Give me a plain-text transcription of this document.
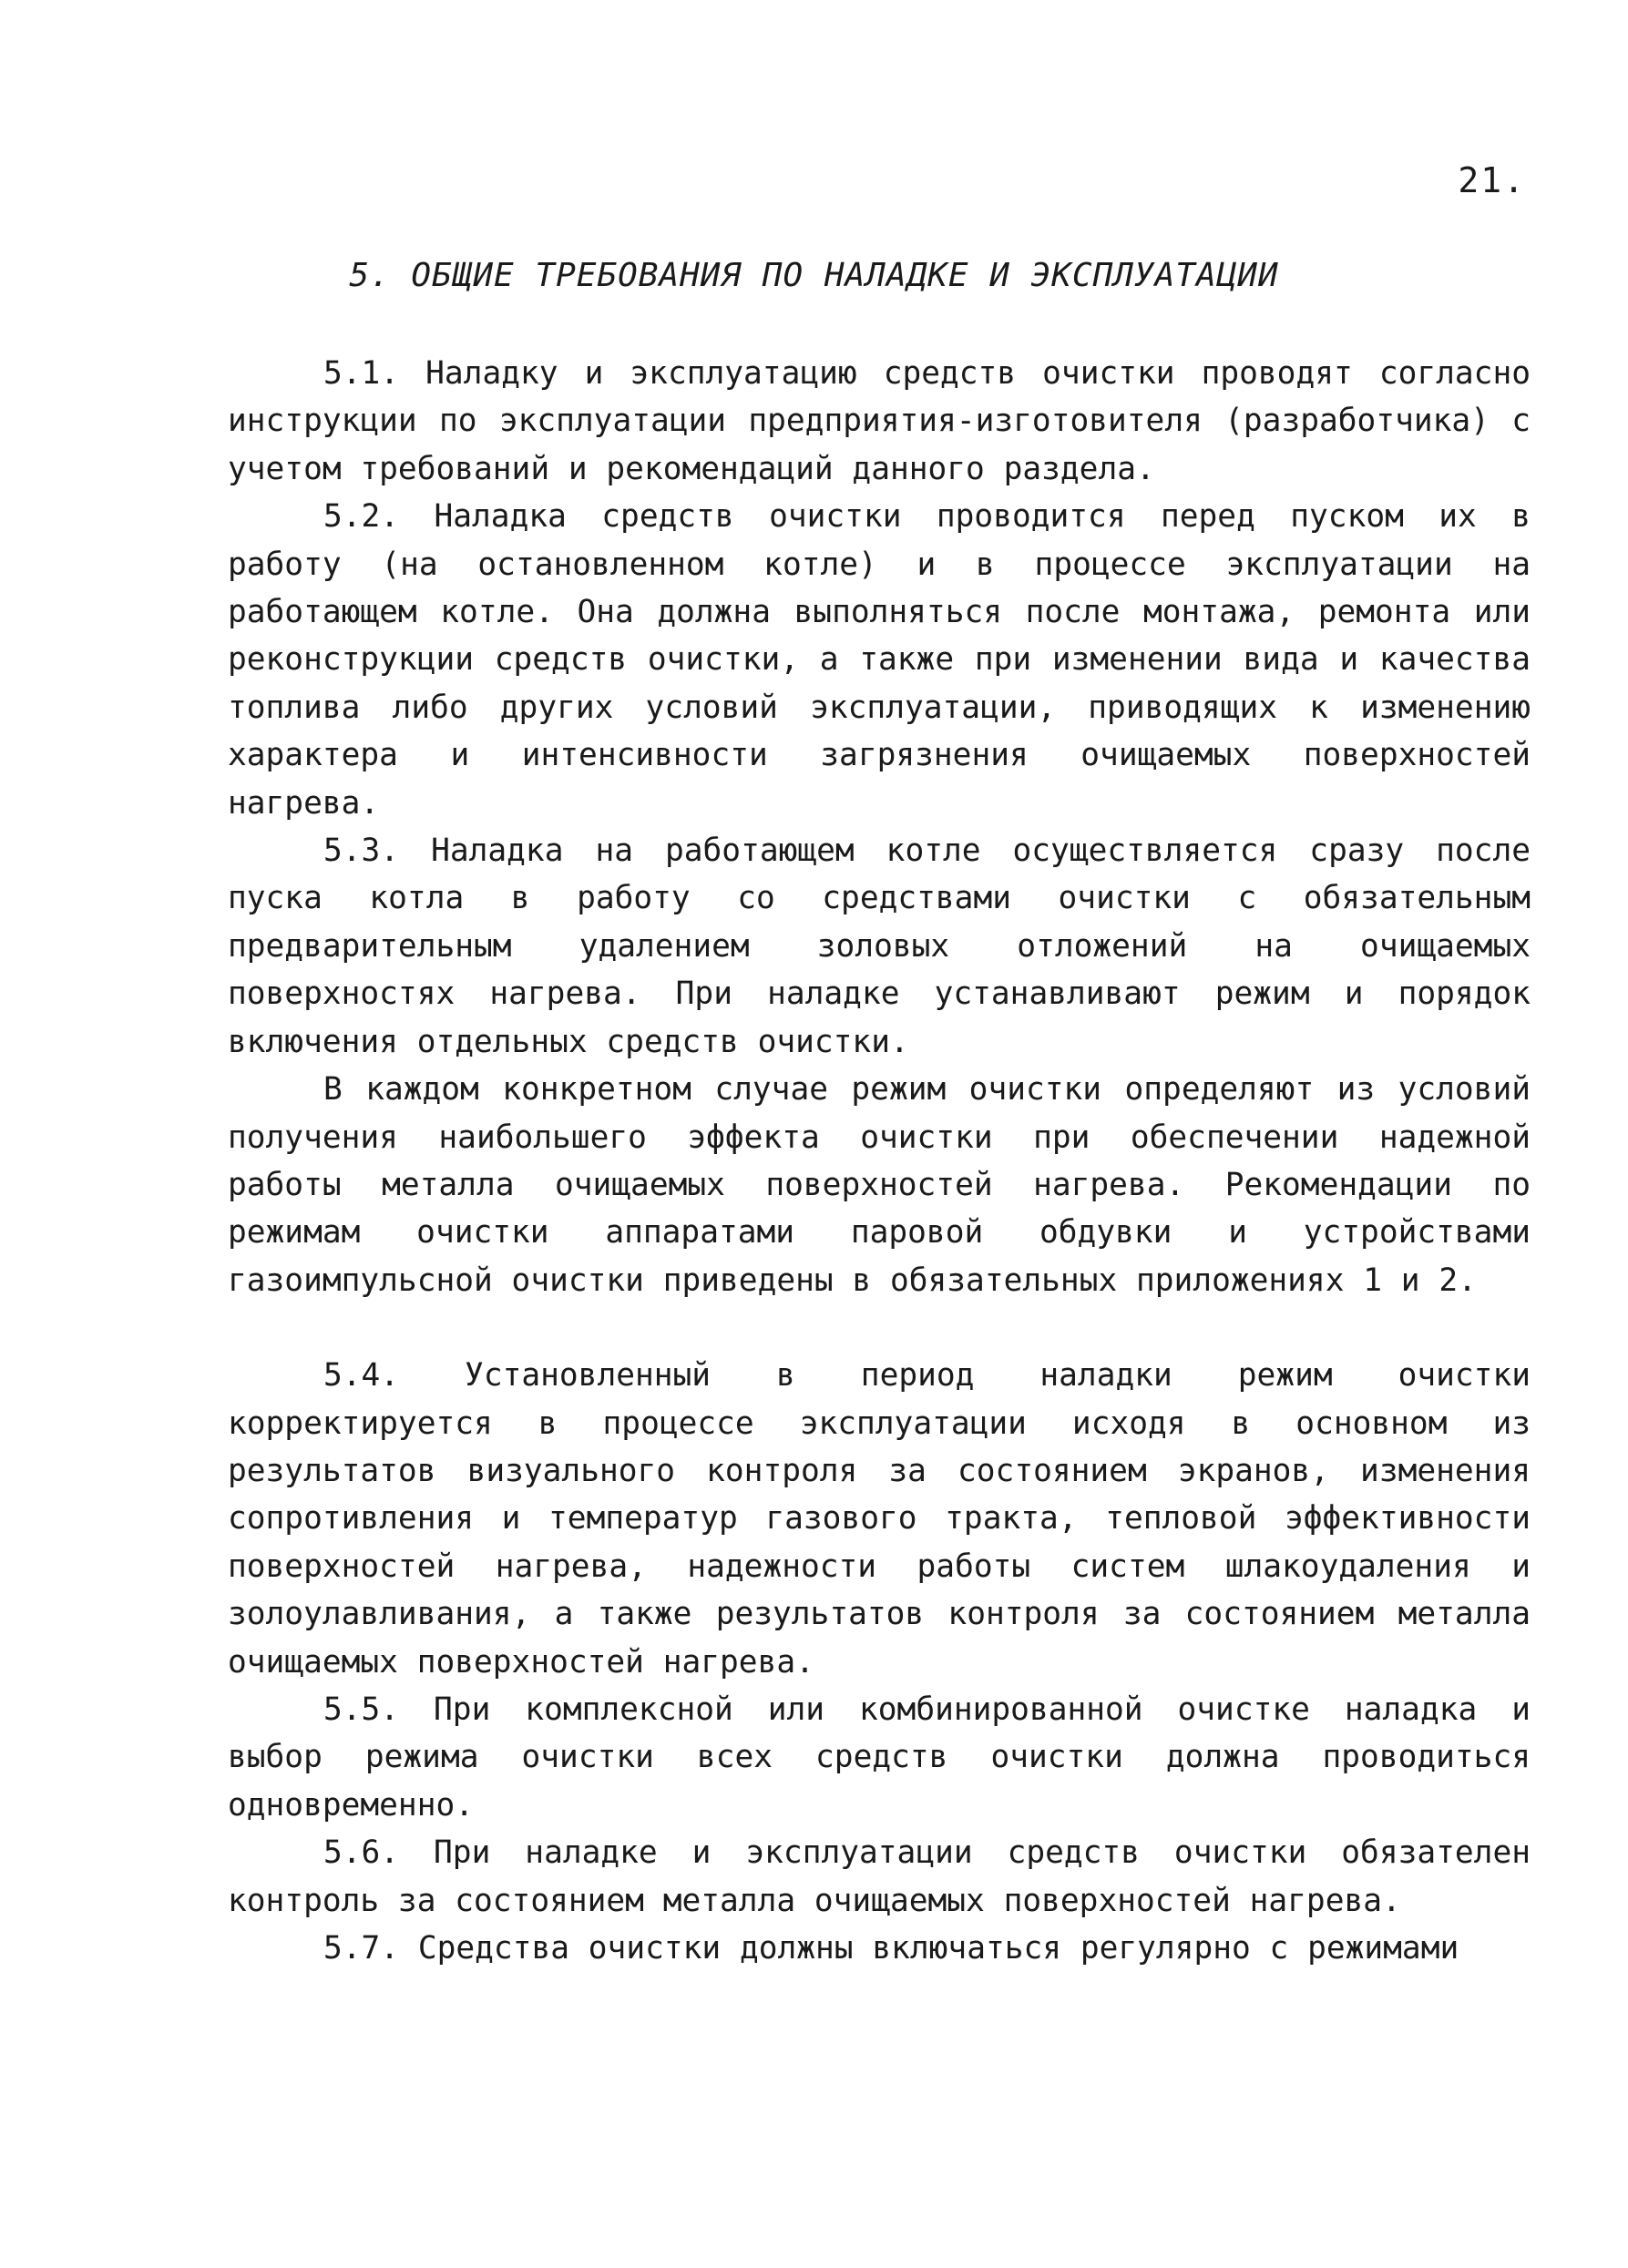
21.
5. ОБЩИЕ ТРЕБОВАНИЯ ПО НАЛАДКЕ И ЭКСПЛУАТАЦИИ

5.1. Наладку и эксплуатацию средств очистки проводят согласно инструкции по эксплуатации предприятия-изготовителя (разработчика) с учетом требований и рекомендаций данного раздела.

5.2. Наладка средств очистки проводится перед пуском их в работу (на остановленном котле) и в процессе эксплуатации на работающем котле. Она должна выполняться после монтажа, ремонта или реконструкции средств очистки, а также при изменении вида и качества топлива либо других условий эксплуатации, приводящих к изменению характера и интенсивности загрязнения очищаемых поверхностей нагрева.

5.3. Наладка на работающем котле осуществляется сразу после пуска котла в работу со средствами очистки с обязательным предварительным удалением золовых отложений на очищаемых поверхностях нагрева. При наладке устанавливают режим и порядок включения отдельных средств очистки.

В каждом конкретном случае режим очистки определяют из условий получения наибольшего эффекта очистки при обеспечении надежной работы металла очищаемых поверхностей нагрева. Рекомендации по режимам очистки аппаратами паровой обдувки и устройствами газоимпульсной очистки приведены в обязательных приложениях 1 и 2.

5.4. Установленный в период наладки режим очистки корректируется в процессе эксплуатации исходя в основном из результатов визуального контроля за состоянием экранов, изменения сопротивления и температур газового тракта, тепловой эффективности поверхностей нагрева, надежности работы систем шлакоудаления и золоулавливания, а также результатов контроля за состоянием металла очищаемых поверхностей нагрева.

5.5. При комплексной или комбинированной очистке наладка и выбор режима очистки всех средств очистки должна проводиться одновременно.

5.6. При наладке и эксплуатации средств очистки обязателен контроль за состоянием металла очищаемых поверхностей нагрева.

5.7. Средства очистки должны включаться регулярно с режимами
